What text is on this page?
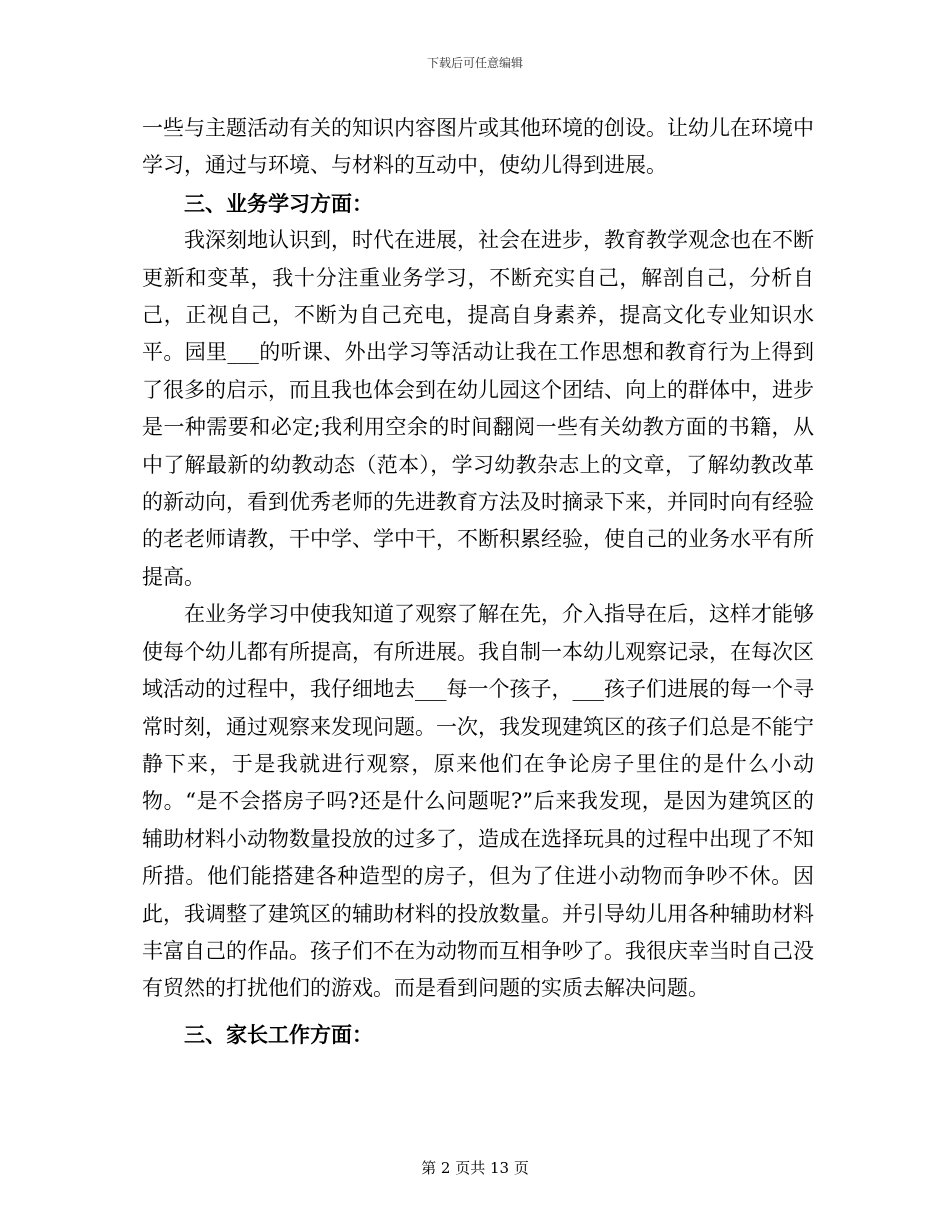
下载后可任意编辑

一些与主题活动有关的知识内容图片或其他环境的创设。让幼儿在环境中学习，通过与环境、与材料的互动中，使幼儿得到进展。

三、业务学习方面：

我深刻地认识到，时代在进展，社会在进步，教育教学观念也在不断更新和变革，我十分注重业务学习，不断充实自己，解剖自己，分析自己，正视自己，不断为自己充电，提高自身素养，提高文化专业知识水平。园里___的听课、外出学习等活动让我在工作思想和教育行为上得到了很多的启示，而且我也体会到在幼儿园这个团结、向上的群体中，进步是一种需要和必定;我利用空余的时间翻阅一些有关幼教方面的书籍，从中了解最新的幼教动态（范本），学习幼教杂志上的文章，了解幼教改革的新动向，看到优秀老师的先进教育方法及时摘录下来，并同时向有经验的老老师请教，干中学、学中干，不断积累经验，使自己的业务水平有所提高。

在业务学习中使我知道了观察了解在先，介入指导在后，这样才能够使每个幼儿都有所提高，有所进展。我自制一本幼儿观察记录，在每次区域活动的过程中，我仔细地去___每一个孩子，___孩子们进展的每一个寻常时刻，通过观察来发现问题。一次，我发现建筑区的孩子们总是不能宁静下来，于是我就进行观察，原来他们在争论房子里住的是什么小动物。“是不会搭房子吗?还是什么问题呢?”后来我发现，是因为建筑区的辅助材料小动物数量投放的过多了，造成在选择玩具的过程中出现了不知所措。他们能搭建各种造型的房子，但为了住进小动物而争吵不休。因此，我调整了建筑区的辅助材料的投放数量。并引导幼儿用各种辅助材料丰富自己的作品。孩子们不在为动物而互相争吵了。我很庆幸当时自己没有贸然的打扰他们的游戏。而是看到问题的实质去解决问题。

三、家长工作方面：

第 2 页共 13 页
